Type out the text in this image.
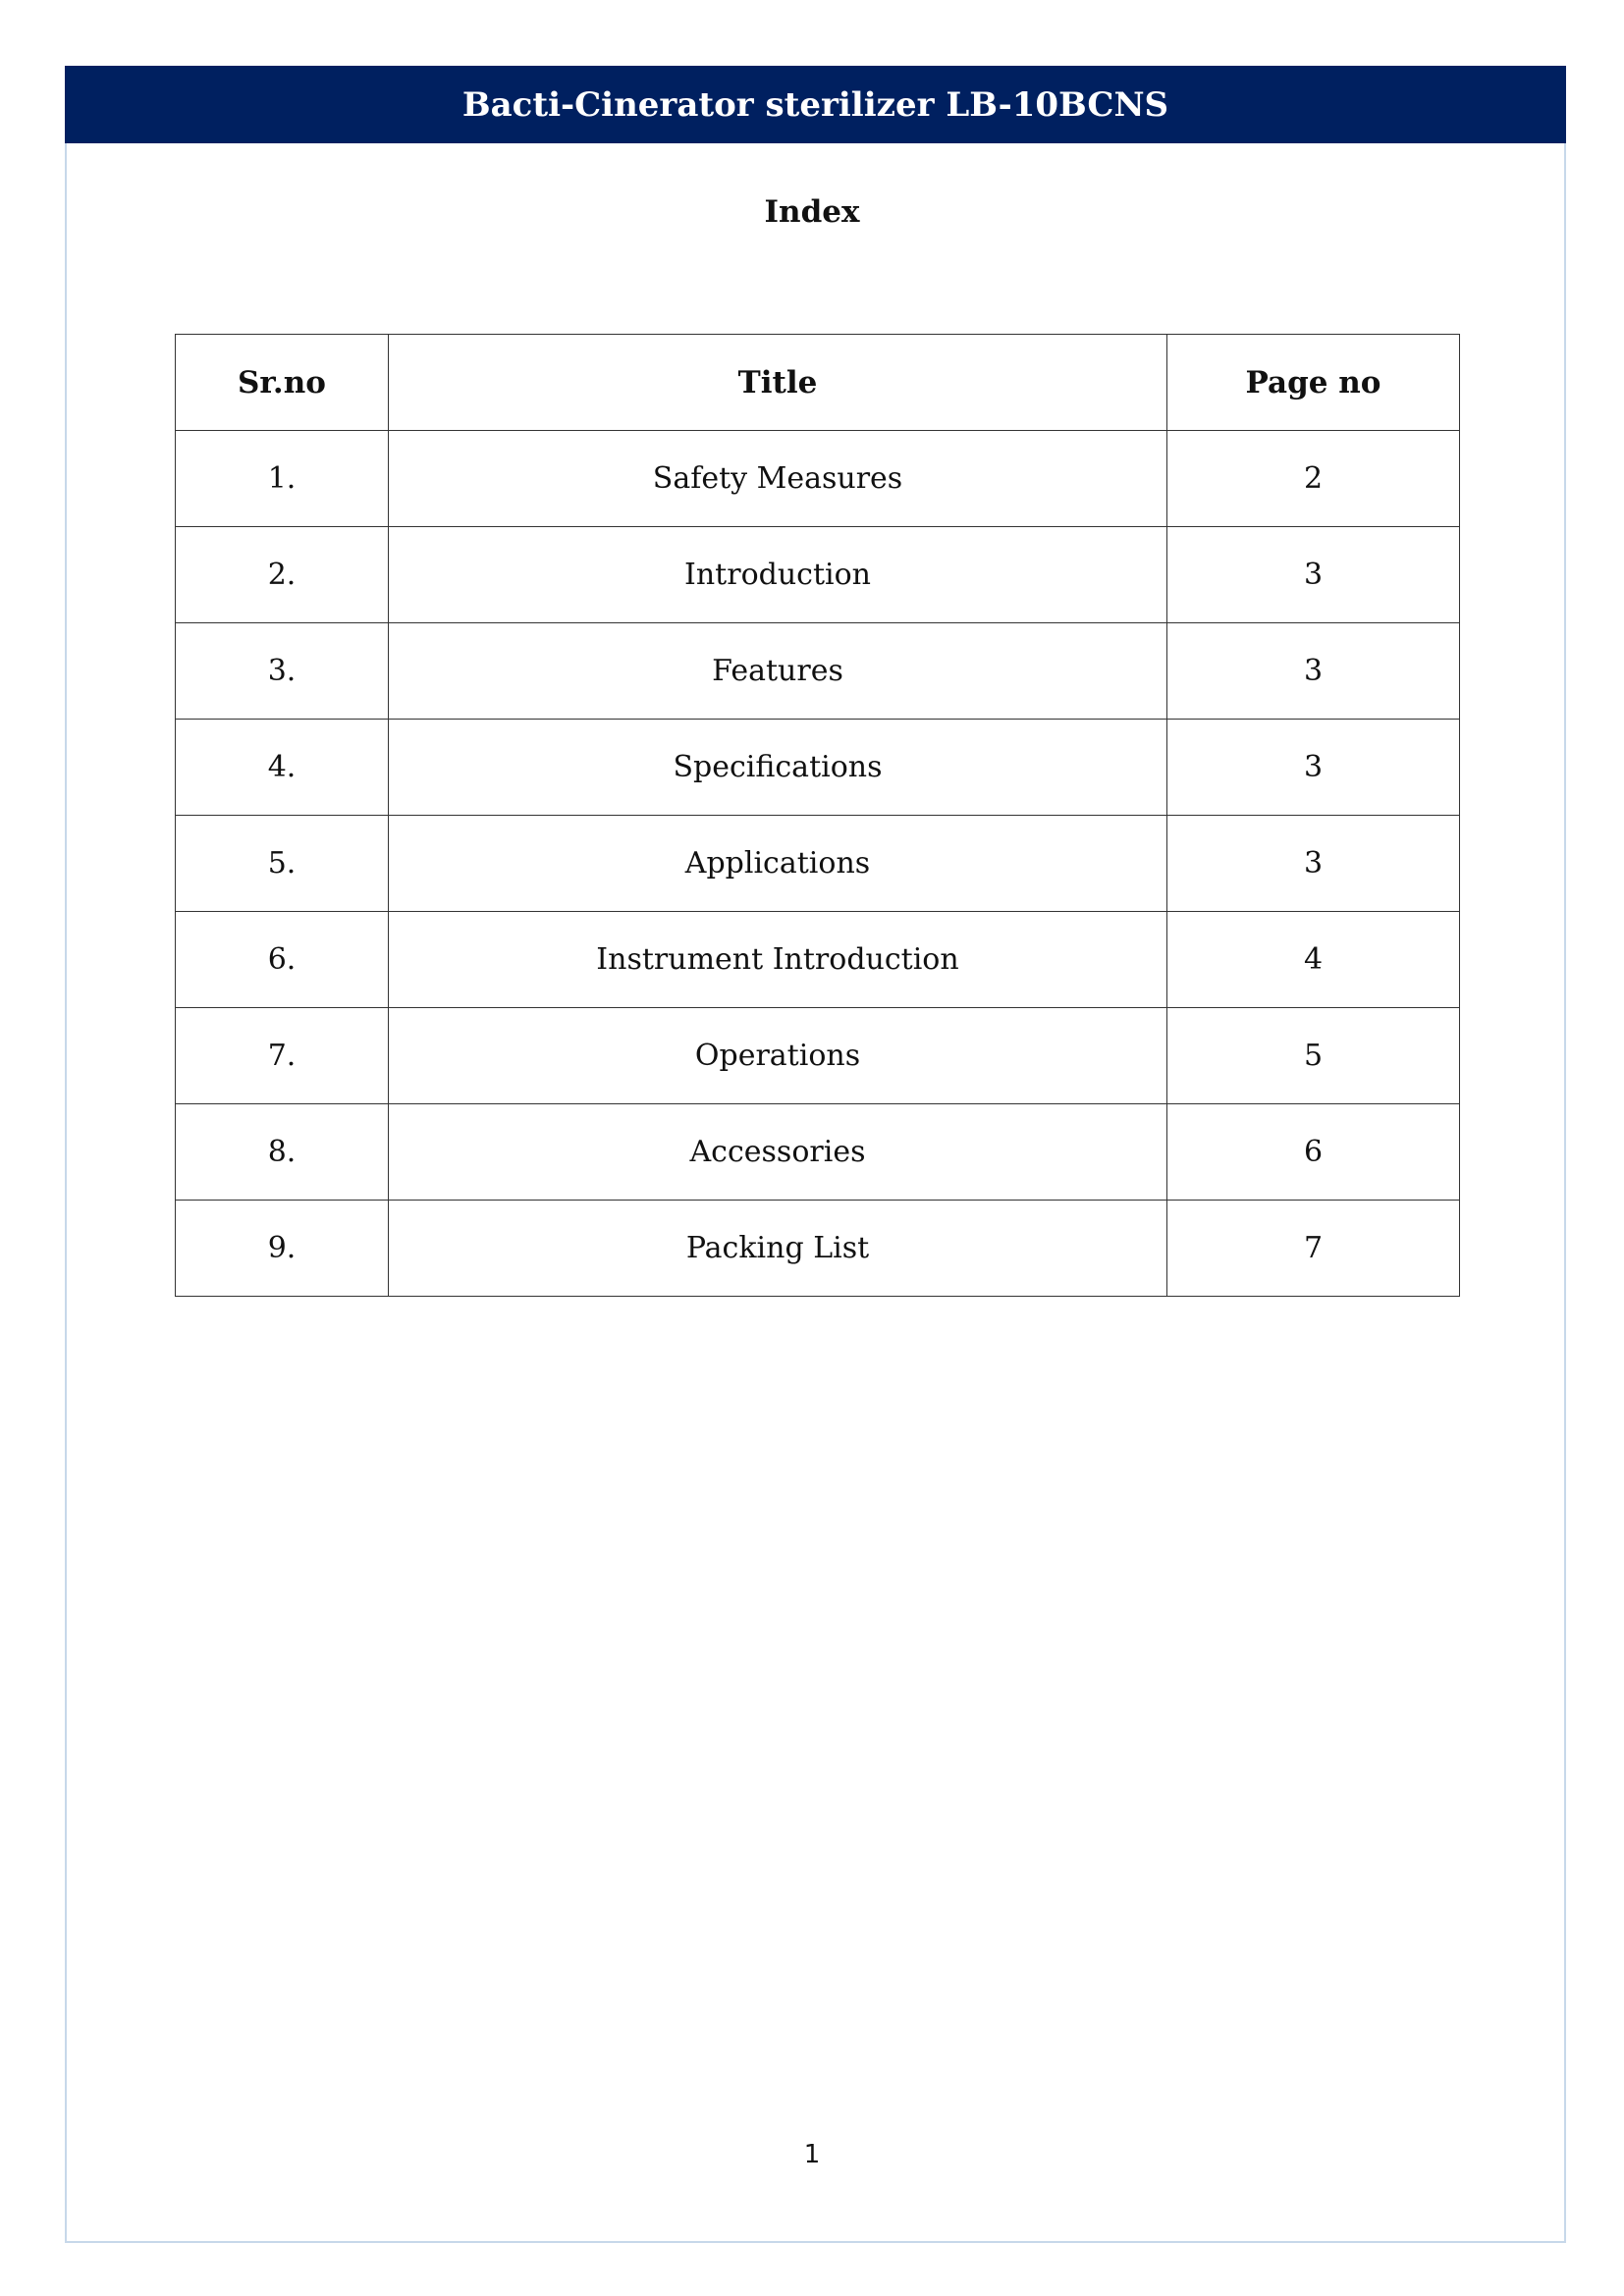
Bacti-Cinerator sterilizer LB-10BCNS
Index
Sr.no	Title	Page no
1.	Safety Measures	2
2.	Introduction	3
3.	Features	3
4.	Specifications	3
5.	Applications	3
6.	Instrument Introduction	4
7.	Operations	5
8.	Accessories	6
9.	Packing List	7
1
